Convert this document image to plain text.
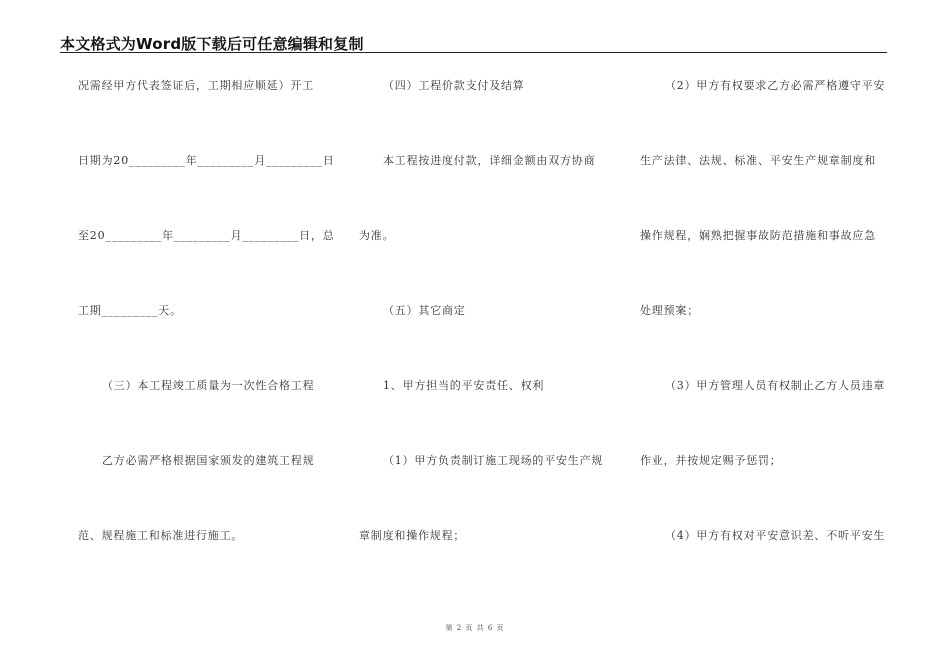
本文格式为Word版下载后可任意编辑和复制
况需经甲方代表签证后，工期相应顺延）开工
日期为20_________年_________月_________日
至20_________年_________月_________日，总
工期_________天。
（三）本工程竣工质量为一次性合格工程
乙方必需严格根据国家颁发的建筑工程规
范、规程施工和标准进行施工。
（四）工程价款支付及结算
本工程按进度付款，详细金额由双方协商
为准。
（五）其它商定
1、甲方担当的平安责任、权利
（1）甲方负责制订施工现场的平安生产规
章制度和操作规程；
（2）甲方有权要求乙方必需严格遵守平安
生产法律、法规、标准、平安生产规章制度和
操作规程，娴熟把握事故防范措施和事故应急
处理预案；
（3）甲方管理人员有权制止乙方人员违章
作业，并按规定赐予惩罚；
（4）甲方有权对平安意识差、不听平安生
第 2 页 共 6 页
